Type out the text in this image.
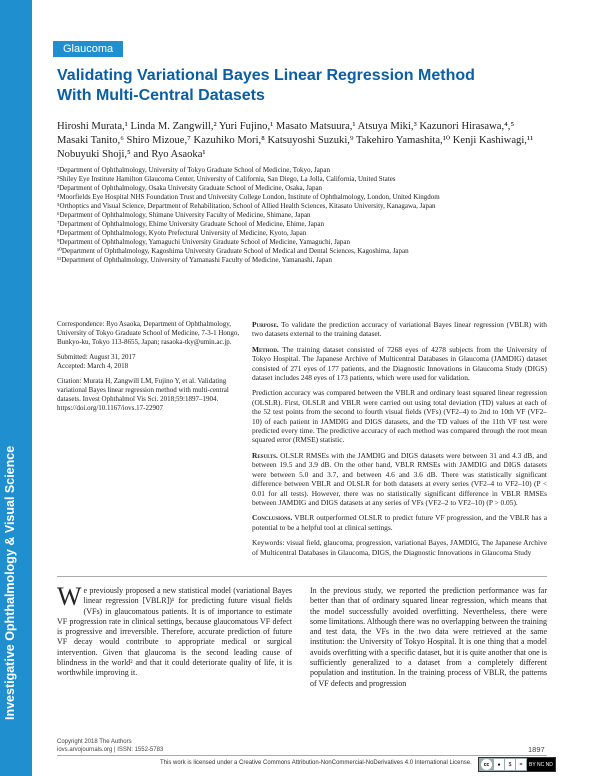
Investigative Ophthalmology & Visual Science
Glaucoma
Validating Variational Bayes Linear Regression Method With Multi-Central Datasets
Hiroshi Murata,¹ Linda M. Zangwill,² Yuri Fujino,¹ Masato Matsuura,¹ Atsuya Miki,³ Kazunori Hirasawa,⁴,⁵ Masaki Tanito,⁶ Shiro Mizoue,⁷ Kazuhiko Mori,⁸ Katsuyoshi Suzuki,⁹ Takehiro Yamashita,¹⁰ Kenji Kashiwagi,¹¹ Nobuyuki Shoji,⁵ and Ryo Asaoka¹
¹Department of Ophthalmology, University of Tokyo Graduate School of Medicine, Tokyo, Japan
²Shiley Eye Institute Hamilton Glaucoma Center, University of California, San Diego, La Jolla, California, United States
³Department of Ophthalmology, Osaka University Graduate School of Medicine, Osaka, Japan
⁴Moorfields Eye Hospital NHS Foundation Trust and University College London, Institute of Ophthalmology, London, United Kingdom
⁵Orthoptics and Visual Science, Department of Rehabilitation, School of Allied Health Sciences, Kitasato University, Kanagawa, Japan
⁶Department of Ophthalmology, Shimane University Faculty of Medicine, Shimane, Japan
⁷Department of Ophthalmology, Ehime University Graduate School of Medicine, Ehime, Japan
⁸Department of Ophthalmology, Kyoto Prefectural University of Medicine, Kyoto, Japan
⁹Department of Ophthalmology, Yamaguchi University Graduate School of Medicine, Yamaguchi, Japan
¹⁰Department of Ophthalmology, Kagoshima University Graduate School of Medical and Dental Sciences, Kagoshima, Japan
¹¹Department of Ophthalmology, University of Yamanashi Faculty of Medicine, Yamanashi, Japan

Correspondence: Ryo Asaoka, Department of Ophthalmology, University of Tokyo Graduate School of Medicine, 7-3-1 Hongo, Bunkyo-ku, Tokyo 113-8655, Japan; rasaoka-tky@umin.ac.jp.

Submitted: August 31, 2017
Accepted: March 4, 2018

Citation: Murata H, Zangwill LM, Fujino Y, et al. Validating variational Bayes linear regression method with multi-central datasets. Invest Ophthalmol Vis Sci. 2018;59:1897–1904. https://doi.org/10.1167/iovs.17-22907

Purpose. To validate the prediction accuracy of variational Bayes linear regression (VBLR) with two datasets external to the training dataset.

Method. The training dataset consisted of 7268 eyes of 4278 subjects from the University of Tokyo Hospital. The Japanese Archive of Multicentral Databases in Glaucoma (JAMDIG) dataset consisted of 271 eyes of 177 patients, and the Diagnostic Innovations in Glaucoma Study (DIGS) dataset includes 248 eyes of 173 patients, which were used for validation.

Prediction accuracy was compared between the VBLR and ordinary least squared linear regression (OLSLR). First, OLSLR and VBLR were carried out using total deviation (TD) values at each of the 52 test points from the second to fourth visual fields (VFs) (VF2–4) to 2nd to 10th VF (VF2–10) of each patient in JAMDIG and DIGS datasets, and the TD values of the 11th VF test were predicted every time. The predictive accuracy of each method was compared through the root mean squared error (RMSE) statistic.

Results. OLSLR RMSEs with the JAMDIG and DIGS datasets were between 31 and 4.3 dB, and between 19.5 and 3.9 dB. On the other hand, VBLR RMSEs with JAMDIG and DIGS datasets were between 5.0 and 3.7, and between 4.6 and 3.6 dB. There was statistically significant difference between VBLR and OLSLR for both datasets at every series (VF2–4 to VF2–10) (P < 0.01 for all tests). However, there was no statistically significant difference in VBLR RMSEs between JAMDIG and DIGS datasets at any series of VFs (VF2–2 to VF2–10) (P > 0.05).

Conclusions. VBLR outperformed OLSLR to predict future VF progression, and the VBLR has a potential to be a helpful tool at clinical settings.

Keywords: visual field, glaucoma, progression, variational Bayes, JAMDIG, The Japanese Archive of Multicentral Databases in Glaucoma, DIGS, the Diagnostic Innovations in Glaucoma Study

We previously proposed a new statistical model (variational Bayes linear regression [VBLR])¹ for predicting future visual fields (VFs) in glaucomatous patients. It is of importance to estimate VF progression rate in clinical settings, because glaucomatous VF defect is progressive and irreversible. Therefore, accurate prediction of future VF decay would contribute to appropriate medical or surgical intervention. Given that glaucoma is the second leading cause of blindness in the world² and that it could deteriorate quality of life, it is worthwhile improving it.

In the previous study, we reported the prediction performance was far better than that of ordinary squared linear regression, which means that the model successfully avoided overfitting. Nevertheless, there were some limitations. Although there was no overlapping between the training and test data, the VFs in the two data were retrieved at the same institution: the University of Tokyo Hospital. It is one thing that a model avoids overfitting with a specific dataset, but it is quite another that one is sufficiently generalized to a dataset from a completely different population and institution. In the training process of VBLR, the patterns of VF defects and progression

Copyright 2018 The Authors
iovs.arvojournals.org | ISSN: 1552-5783	1897
This work is licensed under a Creative Commons Attribution-NonCommercial-NoDerivatives 4.0 International License.	cc	●	$	=	BY NC ND
